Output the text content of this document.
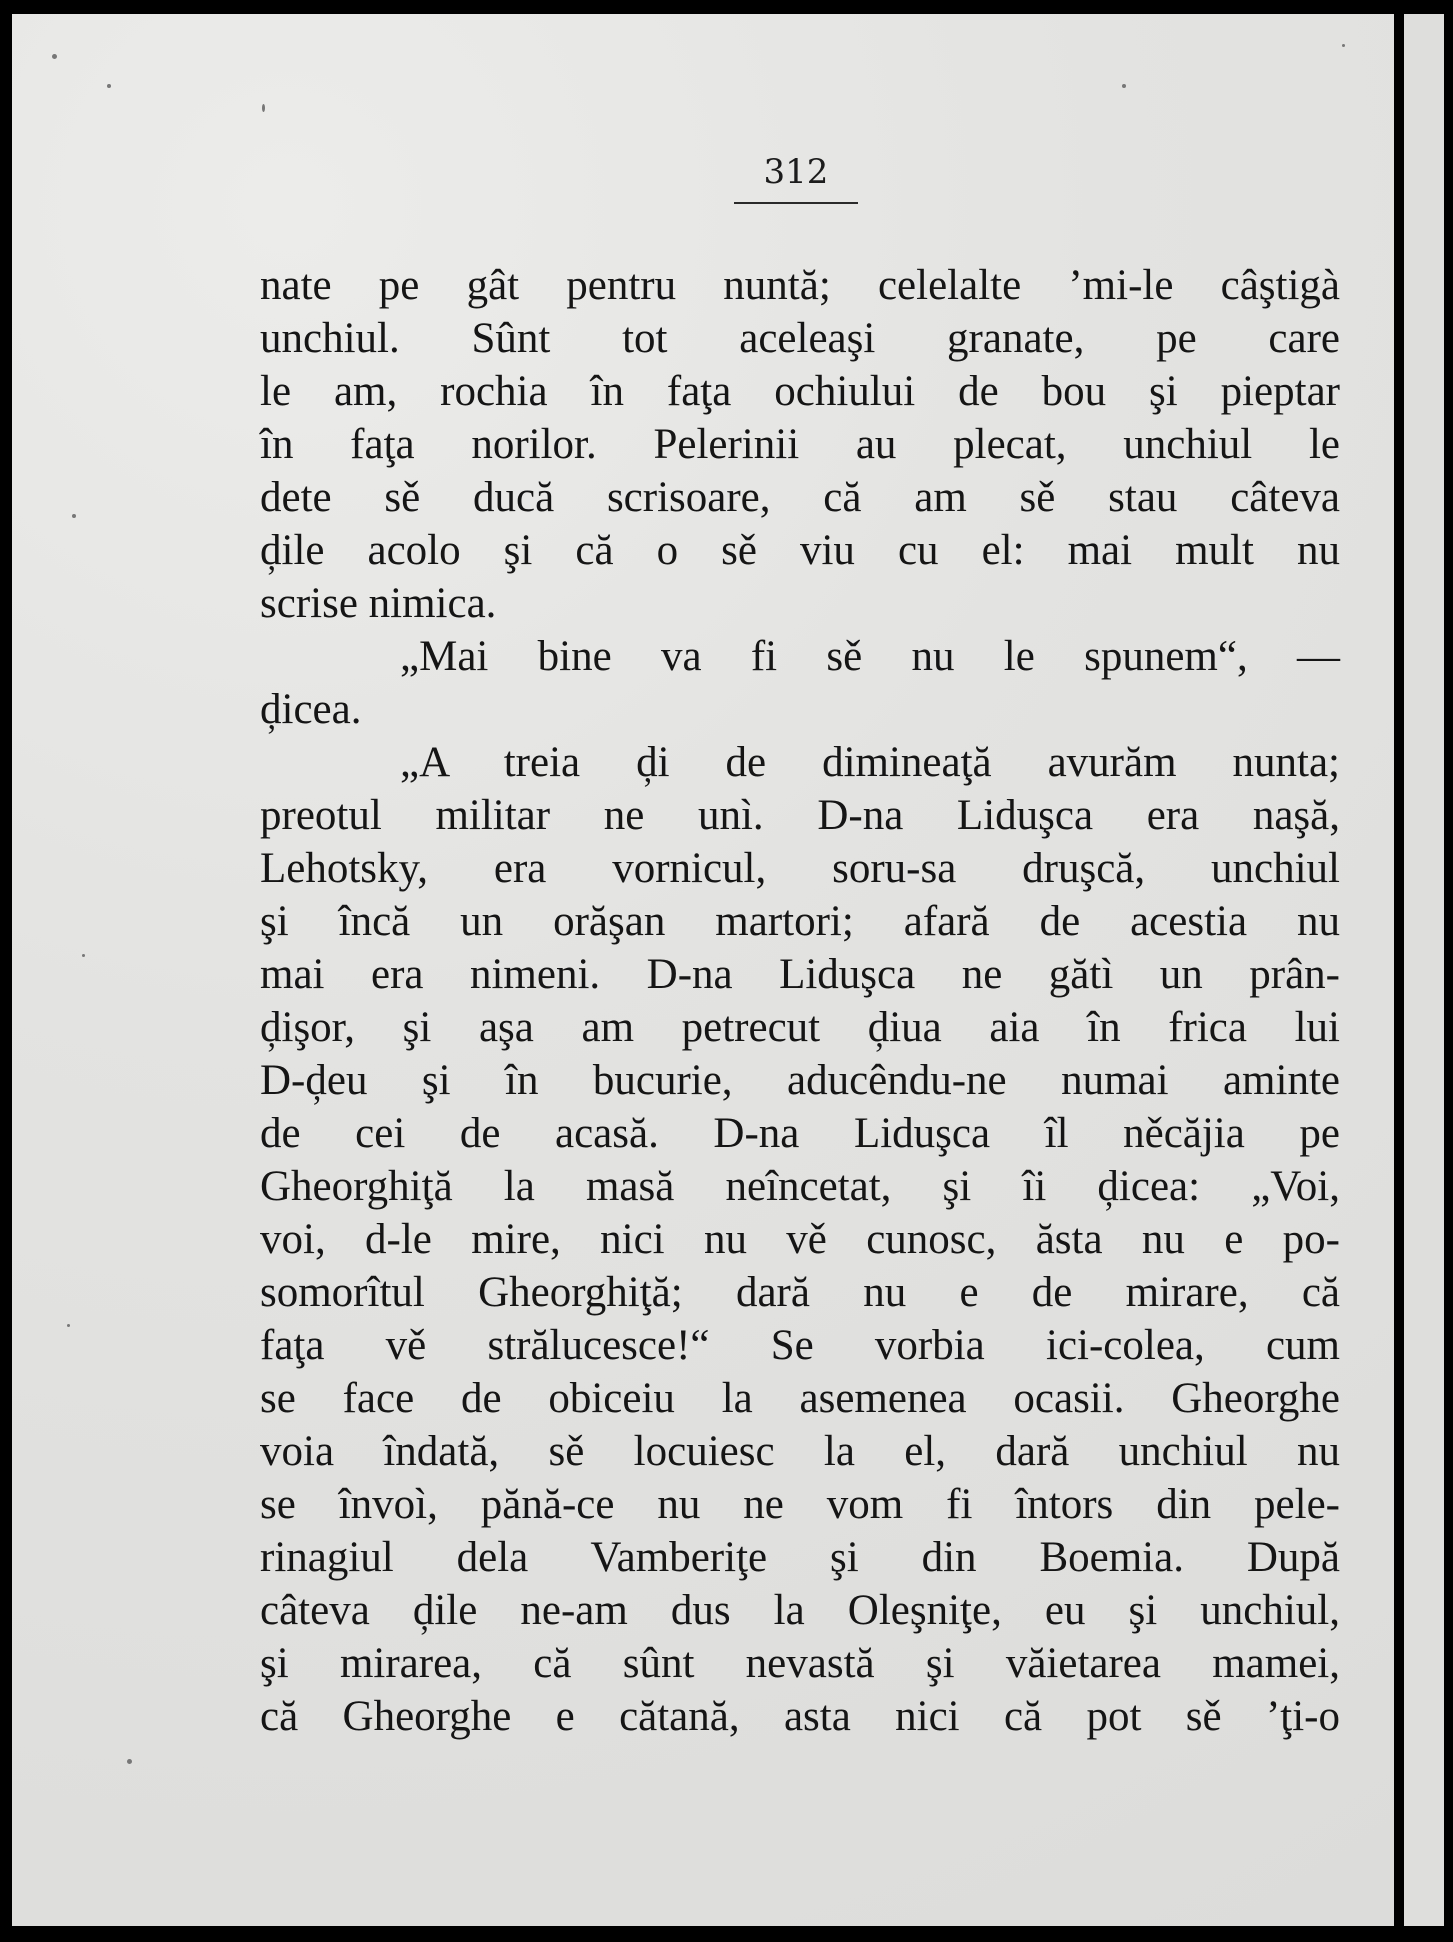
312
nate pe gât pentru nuntă; celelalte ’mi-le câştigà
unchiul. Sûnt tot aceleaşi granate, pe care
le am, rochia în faţa ochiului de bou şi pieptar
în faţa norilor. Pelerinii au plecat, unchiul le
dete sě ducă scrisoare, că am sě stau câteva
ḑile acolo şi că o sě viu cu el: mai mult nu
scrise nimica.
„Mai bine va fi sě nu le spunem“, —
ḑicea.
„A treia ḑi de dimineaţă avurăm nunta;
preotul militar ne unì. D-na Liduşca era naşă,
Lehotsky, era vornicul, soru-sa druşcă, unchiul
şi încă un orăşan martori; afară de acestia nu
mai era nimeni. D-na Liduşca ne gătì un prân-
ḑişor, şi aşa am petrecut ḑiua aia în frica lui
D-ḑeu şi în bucurie, aducêndu-ne numai aminte
de cei de acasă. D-na Liduşca îl něcăjia pe
Gheorghiţă la masă neîncetat, şi îi ḑicea: „Voi,
voi, d-le mire, nici nu vě cunosc, ăsta nu e po-
somorîtul Gheorghiţă; dară nu e de mirare, că
faţa vě strălucesce!“ Se vorbia ici-colea, cum
se face de obiceiu la asemenea ocasii. Gheorghe
voia îndată, sě locuiesc la el, dară unchiul nu
se învoì, pănă-ce nu ne vom fi întors din pele-
rinagiul dela Vamberiţe şi din Boemia. După
câteva ḑile ne-am dus la Oleşniţe, eu şi unchiul,
şi mirarea, că sûnt nevastă şi văietarea mamei,
că Gheorghe e cătană, asta nici că pot sě ’ţi-o
